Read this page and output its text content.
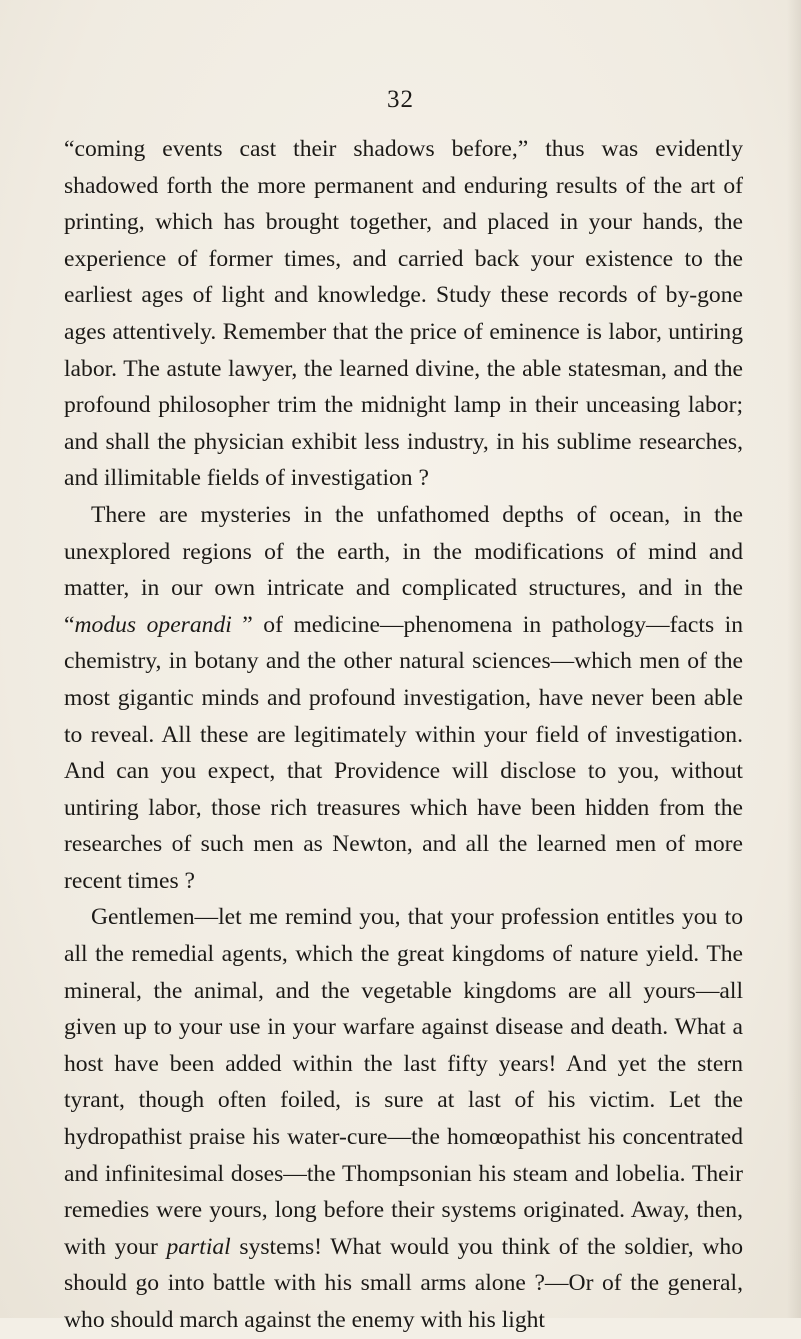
32

“coming events cast their shadows before,” thus was evidently shadowed forth the more permanent and enduring results of the art of printing, which has brought together, and placed in your hands, the experience of former times, and carried back your existence to the earliest ages of light and knowledge. Study these records of by-gone ages attentively. Remember that the price of eminence is labor, untiring labor. The astute lawyer, the learned divine, the able statesman, and the profound philosopher trim the midnight lamp in their unceasing labor; and shall the physician exhibit less industry, in his sublime researches, and illimitable fields of investigation ?

There are mysteries in the unfathomed depths of ocean, in the unexplored regions of the earth, in the modifications of mind and matter, in our own intricate and complicated structures, and in the “modus operandi ” of medicine—phenomena in pathology—facts in chemistry, in botany and the other natural sciences—which men of the most gigantic minds and profound investigation, have never been able to reveal. All these are legitimately within your field of investigation. And can you expect, that Providence will disclose to you, without untiring labor, those rich treasures which have been hidden from the researches of such men as Newton, and all the learned men of more recent times ?

Gentlemen—let me remind you, that your profession entitles you to all the remedial agents, which the great kingdoms of nature yield. The mineral, the animal, and the vegetable kingdoms are all yours—all given up to your use in your warfare against disease and death. What a host have been added within the last fifty years! And yet the stern tyrant, though often foiled, is sure at last of his victim. Let the hydropathist praise his water-cure—the homœopathist his concentrated and infinitesimal doses—the Thompsonian his steam and lobelia. Their remedies were yours, long before their systems originated. Away, then, with your partial systems! What would you think of the soldier, who should go into battle with his small arms alone ?—Or of the general, who should march against the enemy with his light
